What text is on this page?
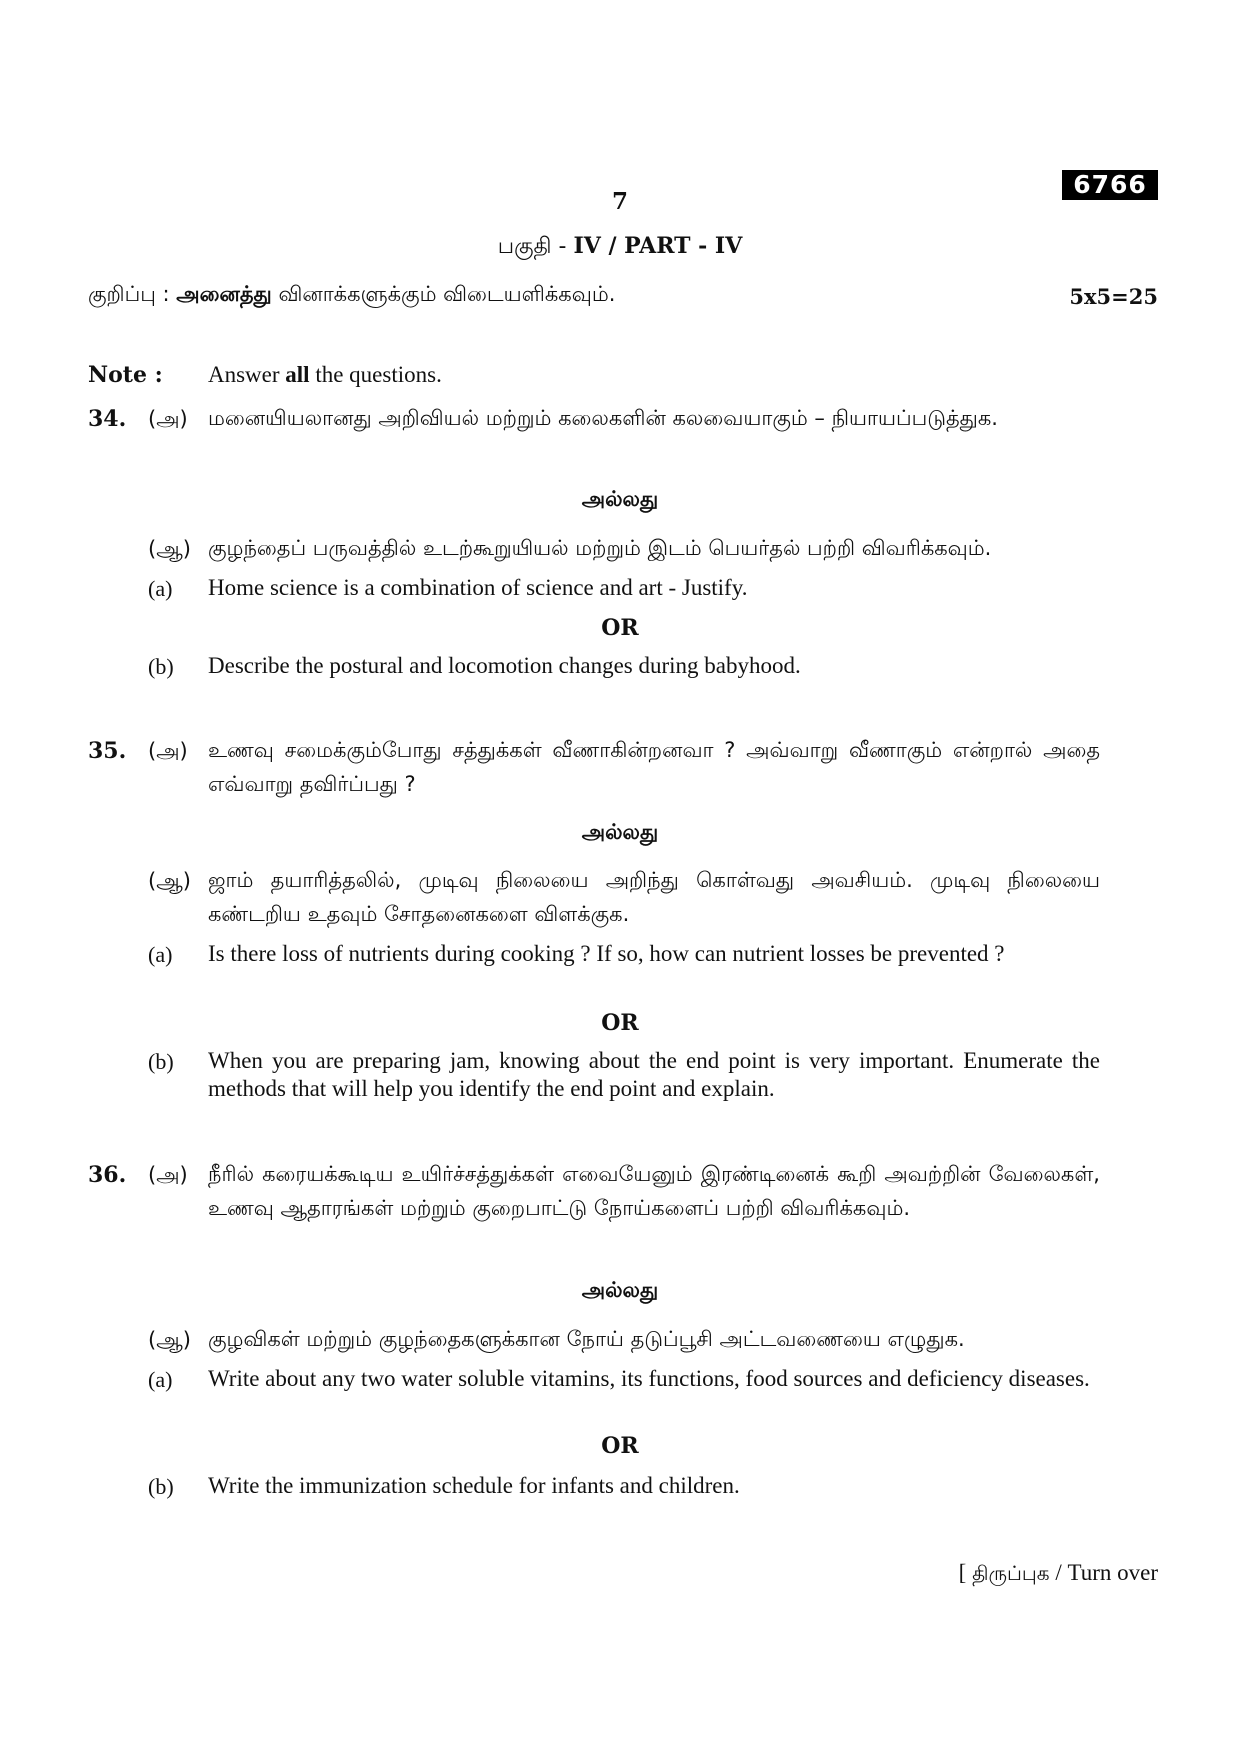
6766
7
பகுதி - IV / PART - IV
குறிப்பு : அனைத்து வினாக்களுக்கும் விடையளிக்கவும்.	5x5=25
Note : Answer all the questions.
34. (அ) மனையியலானது அறிவியல் மற்றும் கலைகளின் கலவையாகும் – நியாயப்படுத்துக.
அல்லது
(ஆ) குழந்தைப் பருவத்தில் உடற்கூறுயியல் மற்றும் இடம் பெயர்தல் பற்றி விவரிக்கவும்.
(a) Home science is a combination of science and art - Justify.
OR
(b) Describe the postural and locomotion changes during babyhood.
35. (அ) உணவு சமைக்கும்போது சத்துக்கள் வீணாகின்றனவா ? அவ்வாறு வீணாகும் என்றால் அதை எவ்வாறு தவிர்ப்பது ?
அல்லது
(ஆ) ஜாம் தயாரித்தலில், முடிவு நிலையை அறிந்து கொள்வது அவசியம். முடிவு நிலையை கண்டறிய உதவும் சோதனைகளை விளக்குக.
(a) Is there loss of nutrients during cooking ? If so, how can nutrient losses be prevented ?
OR
(b) When you are preparing jam, knowing about the end point is very important. Enumerate the methods that will help you identify the end point and explain.
36. (அ) நீரில் கரையக்கூடிய உயிர்ச்சத்துக்கள் எவையேனும் இரண்டினைக் கூறி அவற்றின் வேலைகள், உணவு ஆதாரங்கள் மற்றும் குறைபாட்டு நோய்களைப் பற்றி விவரிக்கவும்.
அல்லது
(ஆ) குழவிகள் மற்றும் குழந்தைகளுக்கான நோய் தடுப்பூசி அட்டவணையை எழுதுக.
(a) Write about any two water soluble vitamins, its functions, food sources and deficiency diseases.
OR
(b) Write the immunization schedule for infants and children.
[ திருப்புக / Turn over
